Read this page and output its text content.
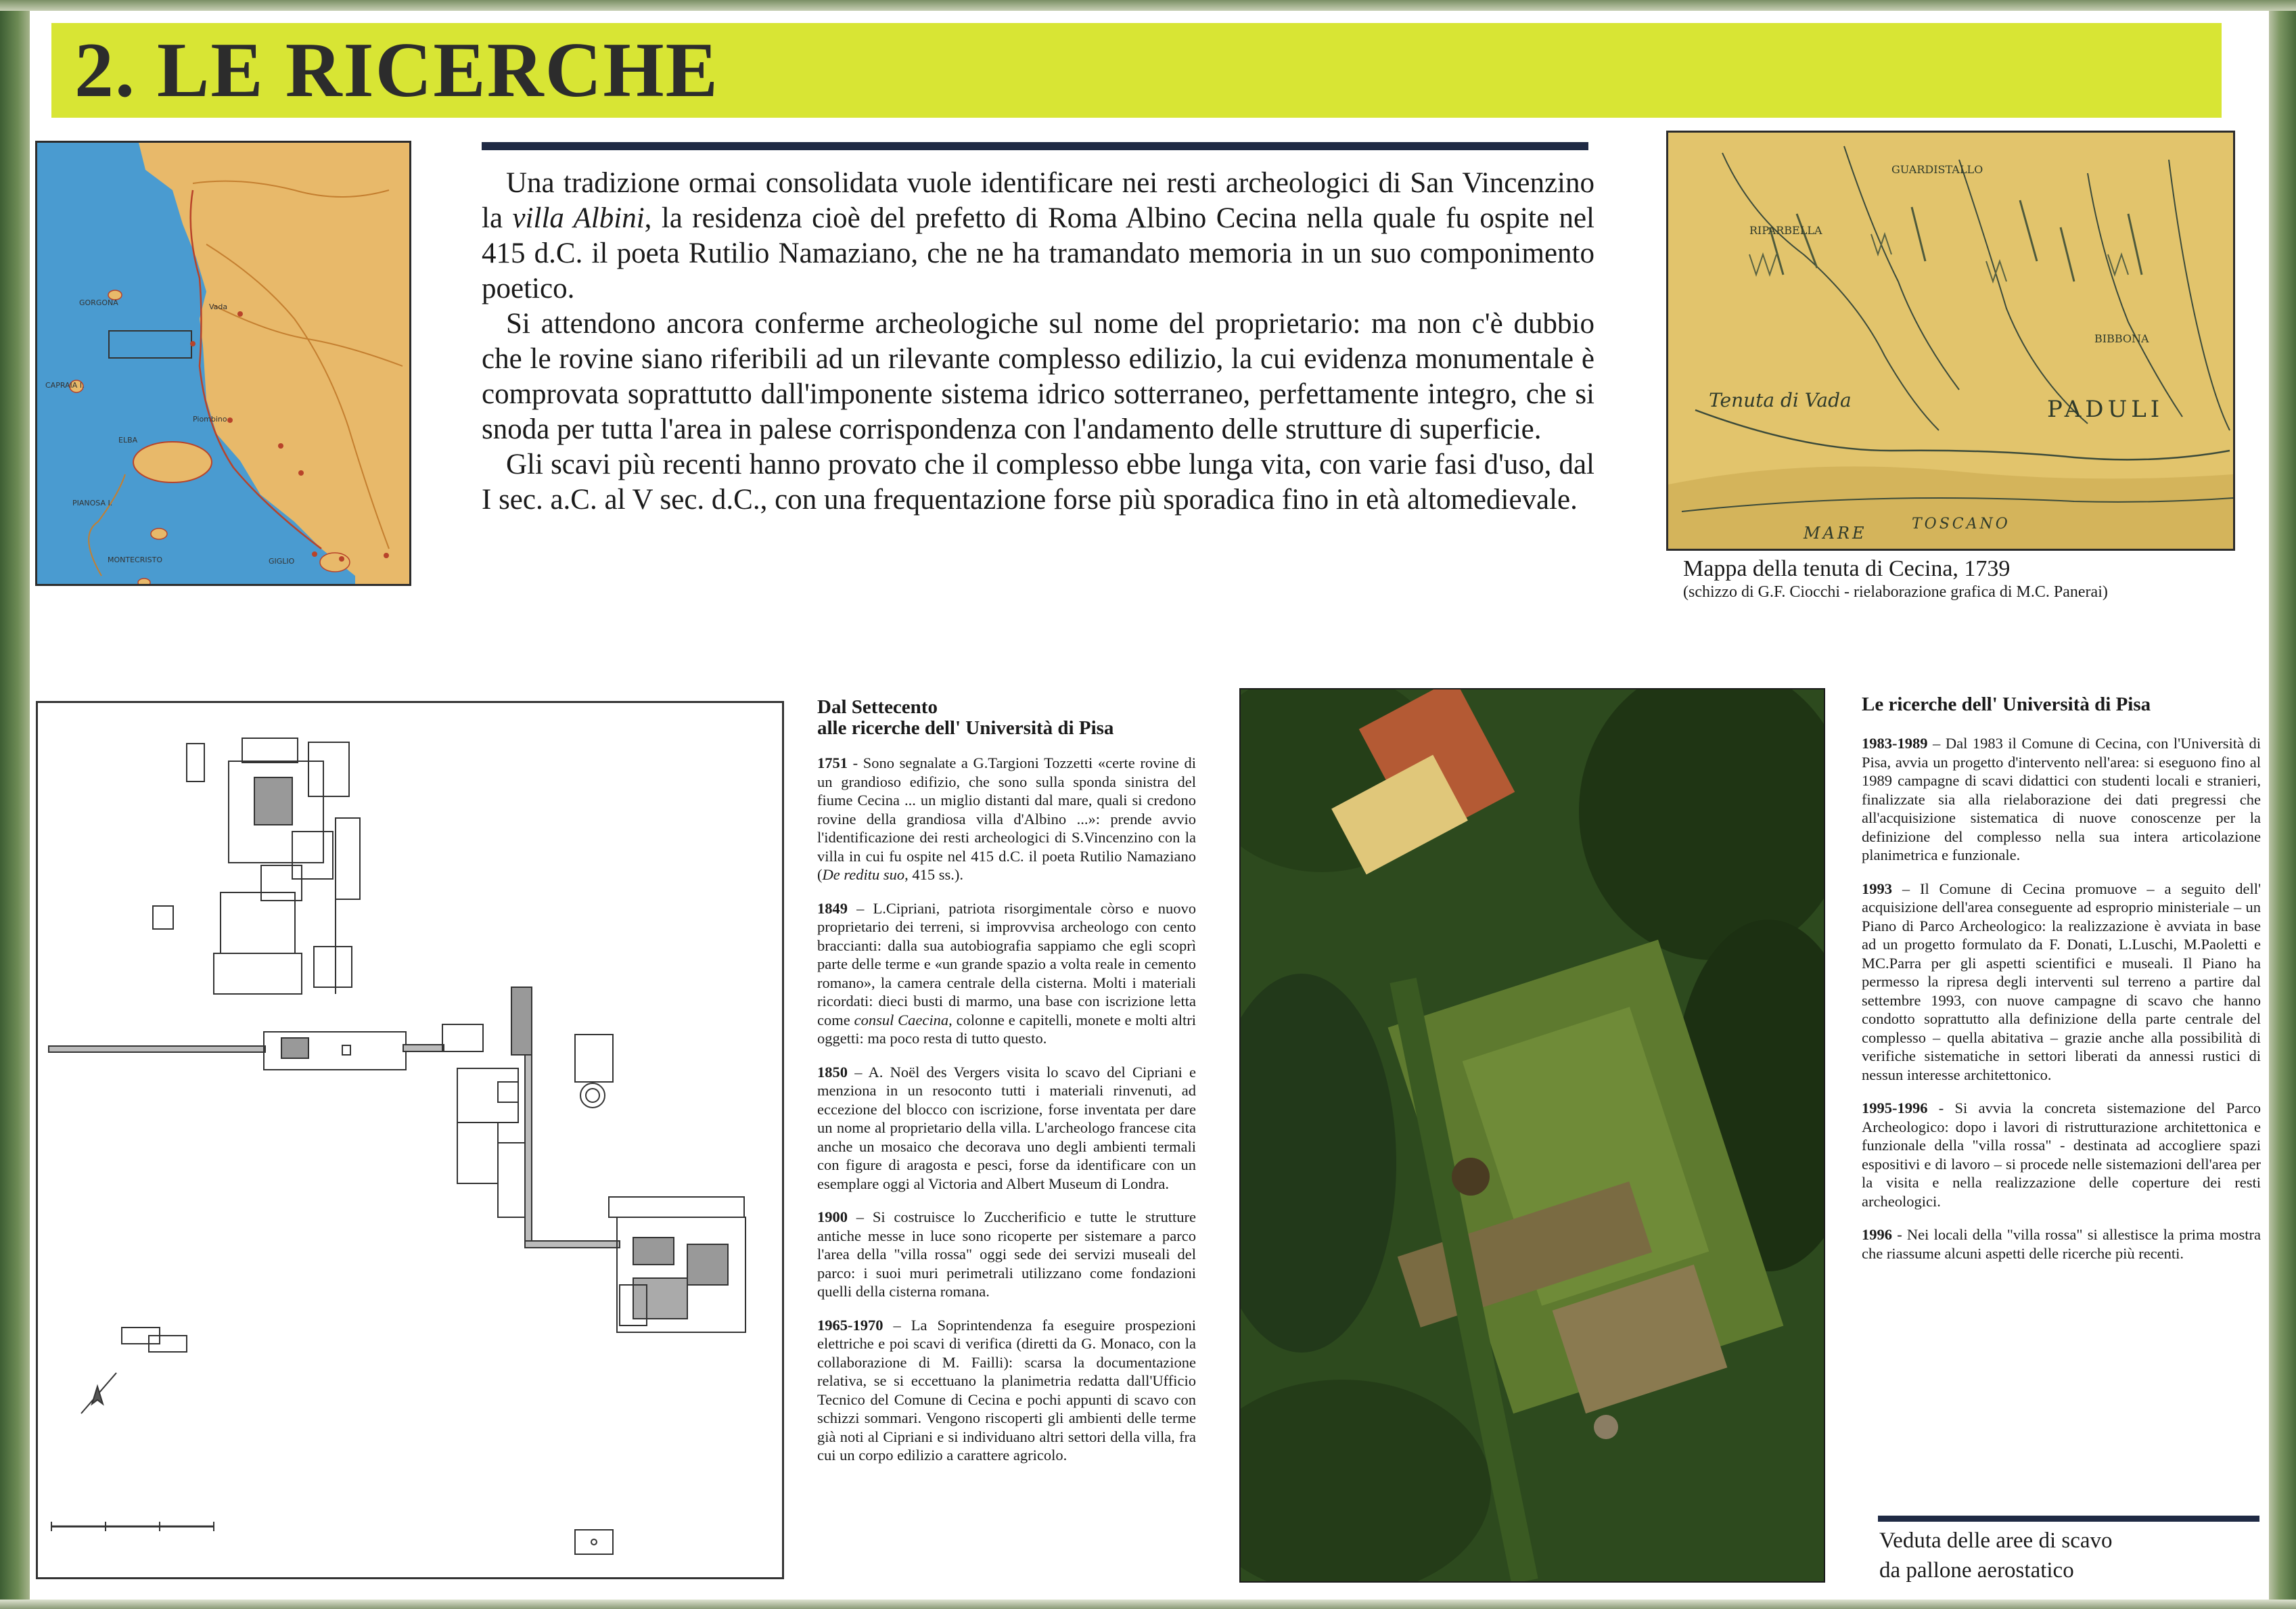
2. LE RICERCHE
GORGONA
CAPRAIA I.
ELBA
PIANOSA I.
MONTECRISTO
Vada
Piombino
GIGLIO

Una tradizione ormai consolidata vuole identificare nei resti archeologici di San Vincenzino la villa Albini, la residenza cioè del prefetto di Roma Albino Cecina nella quale fu ospite nel 415 d.C. il poeta Rutilio Namaziano, che ne ha tramandato memoria in un suo componimento poetico.

Si attendono ancora conferme archeologiche sul nome del proprietario: ma non c'è dubbio che le rovine siano riferibili ad un rilevante complesso edilizio, la cui evidenza monumentale è comprovata soprattutto dall'imponente sistema idrico sotterraneo, perfettamente integro, che si snoda per tutta l'area in palese corrispondenza con l'andamento delle strutture di superficie.

Gli scavi più recenti hanno provato che il complesso ebbe lunga vita, con varie fasi d'uso, dal I sec. a.C. al V sec. d.C., con una frequentazione forse più sporadica fino in età altomedievale.

Tenuta di Vada	PADULI
MARE	TOSCANO
RIPARBELLA
GUARDISTALLO
BIBBONA
Mappa della tenuta di Cecina, 1739
(schizzo di G.F. Ciocchi - rielaborazione grafica di M.C. Panerai)
Dal Settecento
alle ricerche dell' Università di Pisa

1751 - Sono segnalate a G.Targioni Tozzetti «certe rovine di un grandioso edifizio, che sono sulla sponda sinistra del fiume Cecina ... un miglio distanti dal mare, quali si credono rovine della grandiosa villa d'Albino ...»: prende avvio l'identificazione dei resti archeologici di S.Vincenzino con la villa in cui fu ospite nel 415 d.C. il poeta Rutilio Namaziano (De reditu suo, 415 ss.).

1849 – L.Cipriani, patriota risorgimentale còrso e nuovo proprietario dei terreni, si improvvisa archeologo con cento braccianti: dalla sua autobiografia sappiamo che egli scoprì parte delle terme e «un grande spazio a volta reale in cemento romano», la camera centrale della cisterna. Molti i materiali ricordati: dieci busti di marmo, una base con iscrizione letta come consul Caecina, colonne e capitelli, monete e molti altri oggetti: ma poco resta di tutto questo.

1850 – A. Noël des Vergers visita lo scavo del Cipriani e menziona in un resoconto tutti i materiali rinvenuti, ad eccezione del blocco con iscrizione, forse inventata per dare un nome al proprietario della villa. L'archeologo francese cita anche un mosaico che decorava uno degli ambienti termali con figure di aragosta e pesci, forse da identificare con un esemplare oggi al Victoria and Albert Museum di Londra.

1900 – Si costruisce lo Zuccherificio e tutte le strutture antiche messe in luce sono ricoperte per sistemare a parco l'area della "villa rossa" oggi sede dei servizi museali del parco: i suoi muri perimetrali utilizzano come fondazioni quelli della cisterna romana.

1965-1970 – La Soprintendenza fa eseguire prospezioni elettriche e poi scavi di verifica (diretti da G. Monaco, con la collaborazione di M. Failli): scarsa la documentazione relativa, se si eccettuano la planimetria redatta dall'Ufficio Tecnico del Comune di Cecina e pochi appunti di scavo con schizzi sommari. Vengono riscoperti gli ambienti delle terme già noti al Cipriani e si individuano altri settori della villa, fra cui un corpo edilizio a carattere agricolo.

Le ricerche dell' Università di Pisa

1983-1989 – Dal 1983 il Comune di Cecina, con l'Università di Pisa, avvia un progetto d'intervento nell'area: si eseguono fino al 1989 campagne di scavi didattici con studenti locali e stranieri, finalizzate sia alla rielaborazione dei dati pregressi che all'acquisizione sistematica di nuove conoscenze per la definizione del complesso nella sua intera articolazione planimetrica e funzionale.

1993 – Il Comune di Cecina promuove – a seguito dell' acquisizione dell'area conseguente ad esproprio ministeriale – un Piano di Parco Archeologico: la realizzazione è avviata in base ad un progetto formulato da F. Donati, L.Luschi, M.Paoletti e MC.Parra per gli aspetti scientifici e museali. Il Piano ha permesso la ripresa degli interventi sul terreno a partire dal settembre 1993, con nuove campagne di scavo che hanno condotto soprattutto alla definizione della parte centrale del complesso – quella abitativa – grazie anche alla possibilità di verifiche sistematiche in settori liberati da annessi rustici di nessun interesse architettonico.

1995-1996 - Si avvia la concreta sistemazione del Parco Archeologico: dopo i lavori di ristrutturazione architettonica e funzionale della "villa rossa" - destinata ad accogliere spazi espositivi e di lavoro – si procede nelle sistemazioni dell'area per la visita e nella realizzazione delle coperture dei resti archeologici.

1996 - Nei locali della "villa rossa" si allestisce la prima mostra che riassume alcuni aspetti delle ricerche più recenti.

Veduta delle aree di scavo
da pallone aerostatico
